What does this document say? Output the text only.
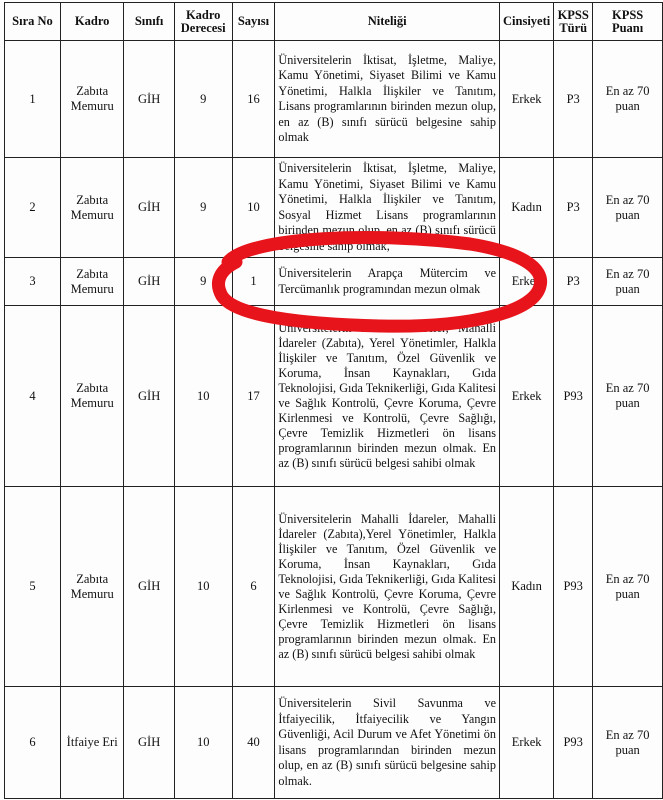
Sıra No	Kadro	Sınıfı	Kadro Derecesi	Sayısı	Niteliği	Cinsiyeti	KPSS Türü	KPSS Puanı
1	Zabıta Memuru	GİH	9	16	Üniversitelerin İktisat, İşletme, Maliye, Kamu Yönetimi, Siyaset Bilimi ve Kamu Yönetimi, Halkla İlişkiler ve Tanıtım, Lisans programlarının birinden mezun olup, en az (B) sınıfı sürücü belgesine sahip olmak	Erkek	P3	En az 70 puan
2	Zabıta Memuru	GİH	9	10	Üniversitelerin İktisat, İşletme, Maliye, Kamu Yönetimi, Siyaset Bilimi ve Kamu Yönetimi, Halkla İlişkiler ve Tanıtım, Sosyal Hizmet Lisans programlarının birinden mezun olup, en az (B) sınıfı sürücü belgesine sahip olmak,	Kadın	P3	En az 70 puan
3	Zabıta Memuru	GİH	9	1	Üniversitelerin Arapça Mütercim ve Tercümanlık programından mezun olmak	Erkek	P3	En az 70 puan
4	Zabıta Memuru	GİH	10	17	Üniversitelerin Mahalli İdareler, Mahalli İdareler (Zabıta), Yerel Yönetimler, Halkla İlişkiler ve Tanıtım, Özel Güvenlik ve Koruma, İnsan Kaynakları, Gıda Teknolojisi, Gıda Teknikerliği, Gıda Kalitesi ve Sağlık Kontrolü, Çevre Koruma, Çevre Kirlenmesi ve Kontrolü, Çevre Sağlığı, Çevre Temizlik Hizmetleri ön lisans programlarının birinden mezun olmak. En az (B) sınıfı sürücü belgesi sahibi olmak	Erkek	P93	En az 70 puan
5	Zabıta Memuru	GİH	10	6	Üniversitelerin Mahalli İdareler, Mahalli İdareler (Zabıta),Yerel Yönetimler, Halkla İlişkiler ve Tanıtım, Özel Güvenlik ve Koruma, İnsan Kaynakları, Gıda Teknolojisi, Gıda Teknikerliği, Gıda Kalitesi ve Sağlık Kontrolü, Çevre Koruma, Çevre Kirlenmesi ve Kontrolü, Çevre Sağlığı, Çevre Temizlik Hizmetleri ön lisans programlarının birinden mezun olmak. En az (B) sınıfı sürücü belgesi sahibi olmak	Kadın	P93	En az 70 puan
6	İtfaiye Eri	GİH	10	40	Üniversitelerin Sivil Savunma ve İtfaiyecilik, İtfaiyecilik ve Yangın Güvenliği, Acil Durum ve Afet Yönetimi ön lisans programlarından birinden mezun olup, en az (B) sınıfı sürücü belgesine sahip olmak.	Erkek	P93	En az 70 puan
